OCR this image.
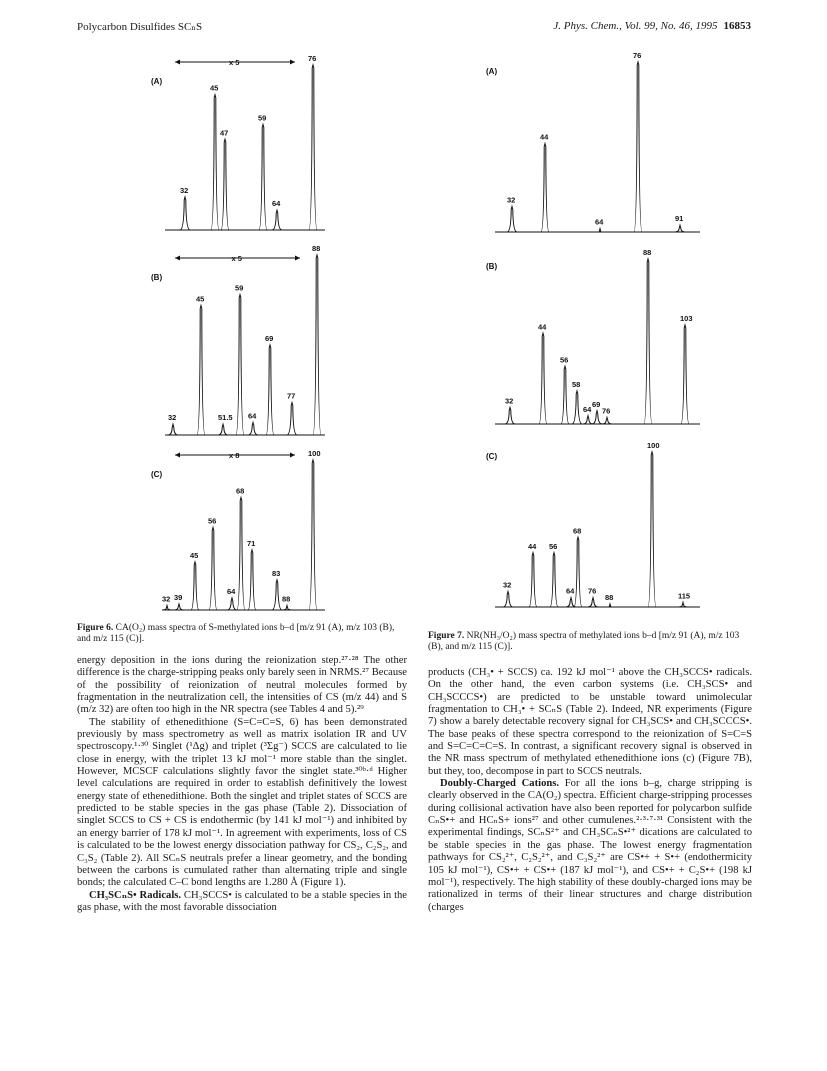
Polycarbon Disulfides SCₙS	J. Phys. Chem., Vol. 99, No. 46, 1995 16853
(A)
x 5
32
45
47
59
64
76
(B)
x 5
32
45
51.5
59
64
69
77
88
(C)
x 8
32 39
45
56
64
68
71
83
88
100
Figure 6. CA(O₂) mass spectra of S-methylated ions b–d [m/z 91 (A), m/z 103 (B), and m/z 115 (C)].
(A)
32
44
64
76
91
(B)
32
44
56
58
64
69
76
88
103
(C)
32
44 56
64
68
76
88
100
115
Figure 7. NR(NH₃/O₂) mass spectra of methylated ions b–d [m/z 91 (A), m/z 103 (B), and m/z 115 (C)].

energy deposition in the ions during the reionization step.²⁷·²⁸ The other difference is the charge-stripping peaks only barely seen in NRMS.²⁷ Because of the possibility of reionization of neutral molecules formed by fragmentation in the neutralization cell, the intensities of CS (m/z 44) and S (m/z 32) are often too high in the NR spectra (see Tables 4 and 5).²⁹

The stability of ethenedithione (S=C=C=S, 6) has been demonstrated previously by mass spectrometry as well as matrix isolation IR and UV spectroscopy.¹·³⁰ Singlet (¹Δg) and triplet (³Σg⁻) SCCS are calculated to lie close in energy, with the triplet 13 kJ mol⁻¹ more stable than the singlet. However, MCSCF calculations slightly favor the singlet state.³⁰ᵇ·ᵈ Higher level calculations are required in order to establish definitively the lowest energy state of ethenedithione. Both the singlet and triplet states of SCCS are predicted to be stable species in the gas phase (Table 2). Dissociation of singlet SCCS to CS + CS is endothermic (by 141 kJ mol⁻¹) and inhibited by an energy barrier of 178 kJ mol⁻¹. In agreement with experiments, loss of CS is calculated to be the lowest energy dissociation pathway for CS₂, C₂S₂, and C₃S₂ (Table 2). All SCₙS neutrals prefer a linear geometry, and the bonding between the carbons is cumulated rather than alternating triple and single bonds; the calculated C–C bond lengths are 1.280 Å (Figure 1).

CH₃SCₙS• Radicals. CH₃SCCS• is calculated to be a stable species in the gas phase, with the most favorable dissociation

products (CH₃• + SCCS) ca. 192 kJ mol⁻¹ above the CH₃SCCS• radicals. On the other hand, the even carbon systems (i.e. CH₃SCS• and CH₃SCCCS•) are predicted to be unstable toward unimolecular fragmentation to CH₃• + SCₙS (Table 2). Indeed, NR experiments (Figure 7) show a barely detectable recovery signal for CH₃SCS• and CH₃SCCCS•. The base peaks of these spectra correspond to the reionization of S=C=S and S=C=C=C=S. In contrast, a significant recovery signal is observed in the NR mass spectrum of methylated ethenedithione ions (c) (Figure 7B), but they, too, decompose in part to SCCS neutrals.

Doubly-Charged Cations. For all the ions b–g, charge stripping is clearly observed in the CA(O₂) spectra. Efficient charge-stripping processes during collisional activation have also been reported for polycarbon sulfide CₙS•+ and HCₙS+ ions²⁷ and other cumulenes.²·³·⁷·³¹ Consistent with the experimental findings, SCₙS²⁺ and CH₃SCₙS•²⁺ dications are calculated to be stable species in the gas phase. The lowest energy fragmentation pathways for CS₂²⁺, C₂S₂²⁺, and C₃S₂²⁺ are CS•+ + S•+ (endothermicity 105 kJ mol⁻¹), CS•+ + CS•+ (187 kJ mol⁻¹), and CS•+ + C₂S•+ (198 kJ mol⁻¹), respectively. The high stability of these doubly-charged ions may be rationalized in terms of their linear structures and charge distribution (charges
